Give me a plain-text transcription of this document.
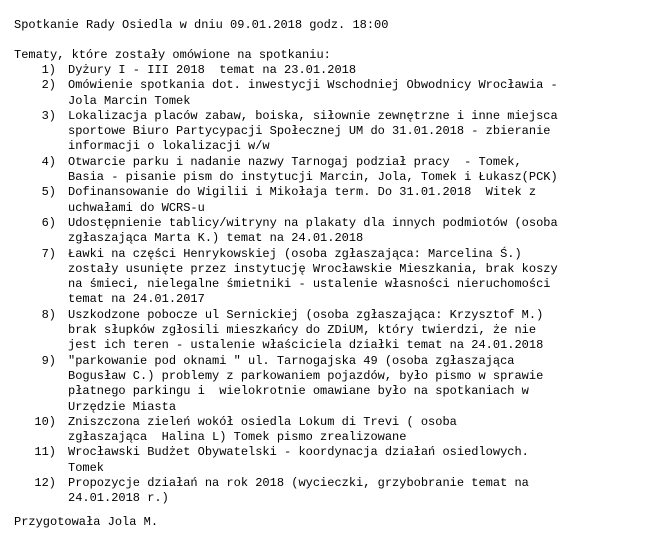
Spotkanie Rady Osiedla w dniu 09.01.2018 godz. 18:00
Tematy, które zostały omówione na spotkaniu:
1) Dyżury I - III 2018  temat na 23.01.2018
2) Omówienie spotkania dot. inwestycji Wschodniej Obwodnicy Wrocławia -
Jola Marcin Tomek
3) Lokalizacja placów zabaw, boiska, siłownie zewnętrzne i inne miejsca
sportowe Biuro Partycypacji Społecznej UM do 31.01.2018 - zbieranie
informacji o lokalizacji w/w
4) Otwarcie parku i nadanie nazwy Tarnogaj podział pracy  - Tomek,
Basia - pisanie pism do instytucji Marcin, Jola, Tomek i Łukasz(PCK)
5) Dofinansowanie do Wigilii i Mikołaja term. Do 31.01.2018  Witek z
uchwałami do WCRS-u
6) Udostępnienie tablicy/witryny na plakaty dla innych podmiotów (osoba
zgłaszająca Marta K.) temat na 24.01.2018
7) Ławki na części Henrykowskiej (osoba zgłaszająca: Marcelina Ś.)
zostały usunięte przez instytucję Wrocławskie Mieszkania, brak koszy
na śmieci, nielegalne śmietniki - ustalenie własności nieruchomości
temat na 24.01.2017
8) Uszkodzone pobocze ul Sernickiej (osoba zgłaszająca: Krzysztof M.)
brak słupków zgłosili mieszkańcy do ZDiUM, który twierdzi, że nie
jest ich teren - ustalenie właściciela działki temat na 24.01.2018
9) "parkowanie pod oknami " ul. Tarnogajska 49 (osoba zgłaszająca
Bogusław C.) problemy z parkowaniem pojazdów, było pismo w sprawie
płatnego parkingu i  wielokrotnie omawiane było na spotkaniach w
Urzędzie Miasta
10) Zniszczona zieleń wokół osiedla Lokum di Trevi ( osoba
zgłaszająca  Halina L) Tomek pismo zrealizowane
11) Wrocławski Budżet Obywatelski - koordynacja działań osiedlowych.
Tomek
12) Propozycje działań na rok 2018 (wycieczki, grzybobranie temat na
24.01.2018 r.)
Przygotowała Jola M.
